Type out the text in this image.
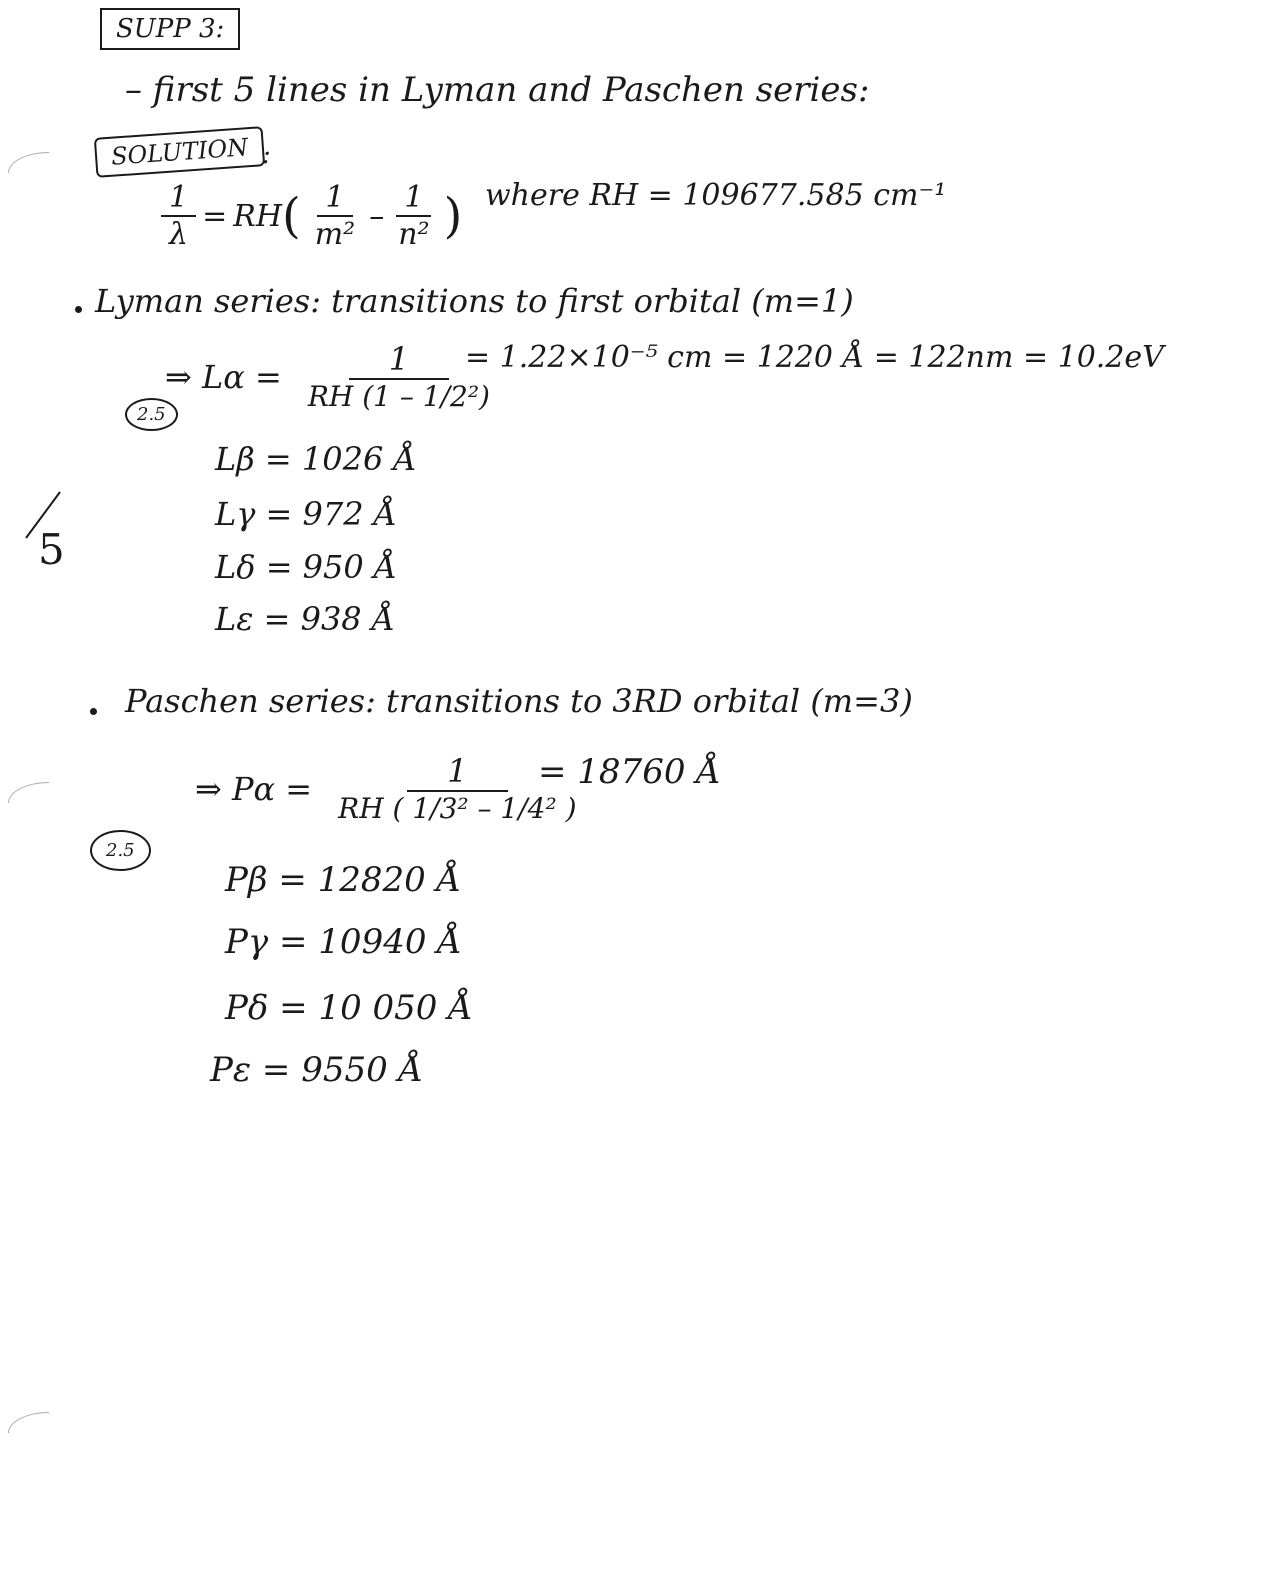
SUPP 3:
– first 5 lines in Lyman and Paschen series:
SOLUTION :
$\frac{1}{\lambda}$ = RH ( $\frac{1}{\text{m²}} - \frac{1}{\text{n²}}$ ) where RH = 109677.585 cm⁻¹
Lyman series: transitions to first orbital (m=1)
⇒ $L\alpha = \frac{1}{\text{RH (1 – 1/2²)}}$
= 1.22×10⁻⁵ cm = 1220 Å = 122nm = 10.2eV
2.5
Lβ = 1026 Å
Lγ = 972 Å
Lδ = 950 Å
Lε = 938 Å
5
Paschen series: transitions to 3RD orbital (m=3)
⇒ $P\alpha = \frac{1}{\text{RH ( 1/3² – 1/4² )}}$
= 18760 Å
2.5
Pβ = 12820 Å
Pγ = 10940 Å
Pδ = 10 050 Å
Pε = 9550 Å
